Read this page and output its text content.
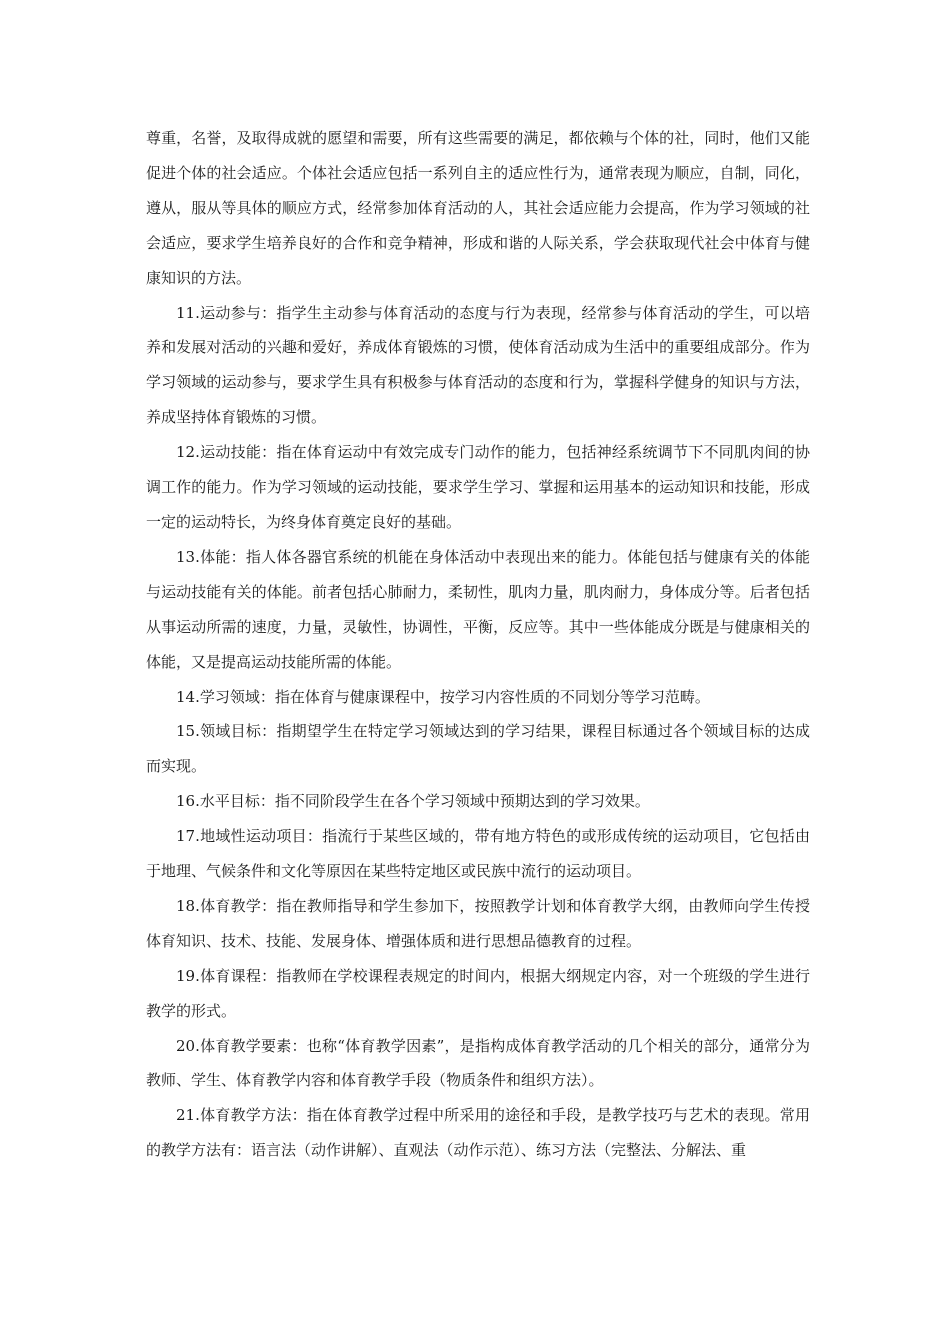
尊重，名誉，及取得成就的愿望和需要，所有这些需要的满足，都依赖与个体的社，同时，他们又能促进个体的社会适应。个体社会适应包括一系列自主的适应性行为，通常表现为顺应，自制，同化，遵从，服从等具体的顺应方式，经常参加体育活动的人，其社会适应能力会提高，作为学习领域的社会适应，要求学生培养良好的合作和竞争精神，形成和谐的人际关系，学会获取现代社会中体育与健康知识的方法。

11.运动参与：指学生主动参与体育活动的态度与行为表现，经常参与体育活动的学生，可以培养和发展对活动的兴趣和爱好，养成体育锻炼的习惯，使体育活动成为生活中的重要组成部分。作为学习领域的运动参与，要求学生具有积极参与体育活动的态度和行为，掌握科学健身的知识与方法，养成坚持体育锻炼的习惯。

12.运动技能：指在体育运动中有效完成专门动作的能力，包括神经系统调节下不同肌肉间的协调工作的能力。作为学习领域的运动技能，要求学生学习、掌握和运用基本的运动知识和技能，形成一定的运动特长，为终身体育奠定良好的基础。

13.体能：指人体各器官系统的机能在身体活动中表现出来的能力。体能包括与健康有关的体能与运动技能有关的体能。前者包括心肺耐力，柔韧性，肌肉力量，肌肉耐力，身体成分等。后者包括从事运动所需的速度，力量，灵敏性，协调性，平衡，反应等。其中一些体能成分既是与健康相关的体能，又是提高运动技能所需的体能。

14.学习领域：指在体育与健康课程中，按学习内容性质的不同划分等学习范畴。

15.领域目标：指期望学生在特定学习领域达到的学习结果，课程目标通过各个领域目标的达成而实现。

16.水平目标：指不同阶段学生在各个学习领域中预期达到的学习效果。

17.地域性运动项目：指流行于某些区域的，带有地方特色的或形成传统的运动项目，它包括由于地理、气候条件和文化等原因在某些特定地区或民族中流行的运动项目。

18.体育教学：指在教师指导和学生参加下，按照教学计划和体育教学大纲，由教师向学生传授体育知识、技术、技能、发展身体、增强体质和进行思想品德教育的过程。

19.体育课程：指教师在学校课程表规定的时间内，根据大纲规定内容，对一个班级的学生进行教学的形式。

20.体育教学要素：也称“体育教学因素”，是指构成体育教学活动的几个相关的部分，通常分为教师、学生、体育教学内容和体育教学手段（物质条件和组织方法）。

21.体育教学方法：指在体育教学过程中所采用的途径和手段，是教学技巧与艺术的表现。常用的教学方法有：语言法（动作讲解）、直观法（动作示范）、练习方法（完整法、分解法、重
